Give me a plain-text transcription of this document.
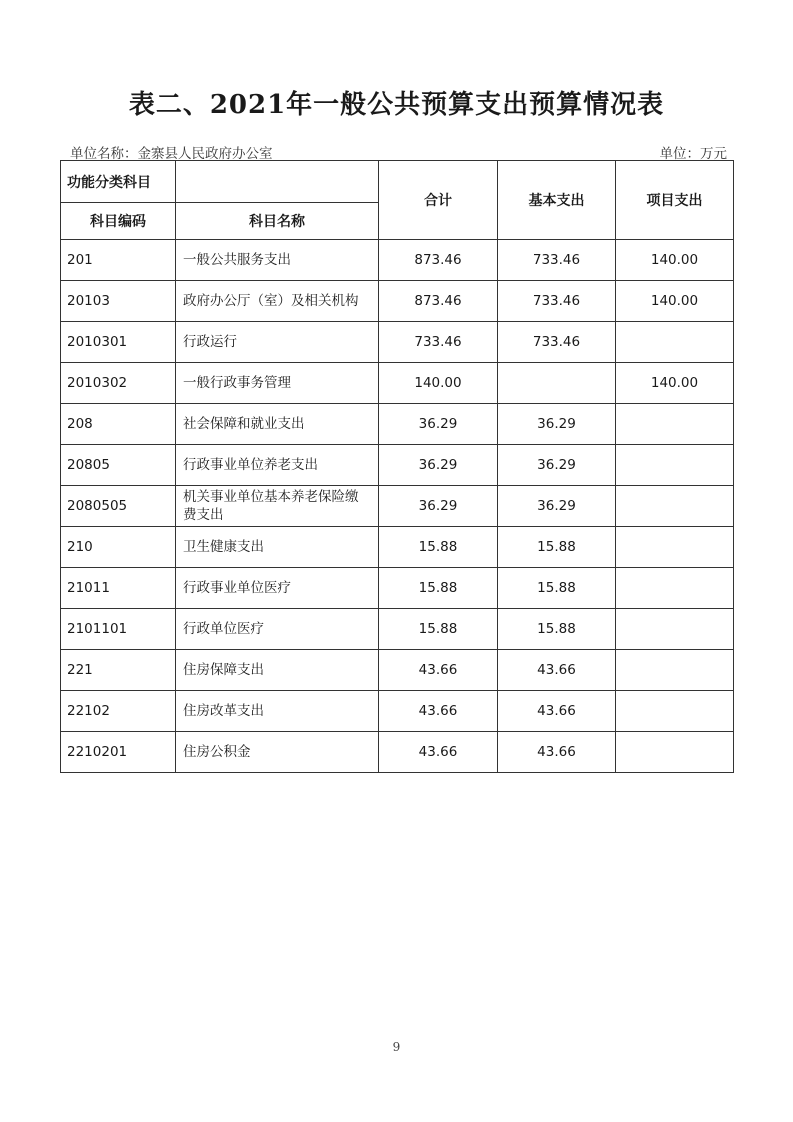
表二、2021年一般公共预算支出预算情况表
单位名称：金寨县人民政府办公室	单位：万元
功能分类科目		合计	基本支出	项目支出
科目编码	科目名称			
201	一般公共服务支出	873.46	733.46	140.00
20103	政府办公厅（室）及相关机构	873.46	733.46	140.00
2010301	行政运行	733.46	733.46	
2010302	一般行政事务管理	140.00		140.00
208	社会保障和就业支出	36.29	36.29	
20805	行政事业单位养老支出	36.29	36.29	
2080505	机关事业单位基本养老保险缴费支出	36.29	36.29	
210	卫生健康支出	15.88	15.88	
21011	行政事业单位医疗	15.88	15.88	
2101101	行政单位医疗	15.88	15.88	
221	住房保障支出	43.66	43.66	
22102	住房改革支出	43.66	43.66	
2210201	住房公积金	43.66	43.66	
9
